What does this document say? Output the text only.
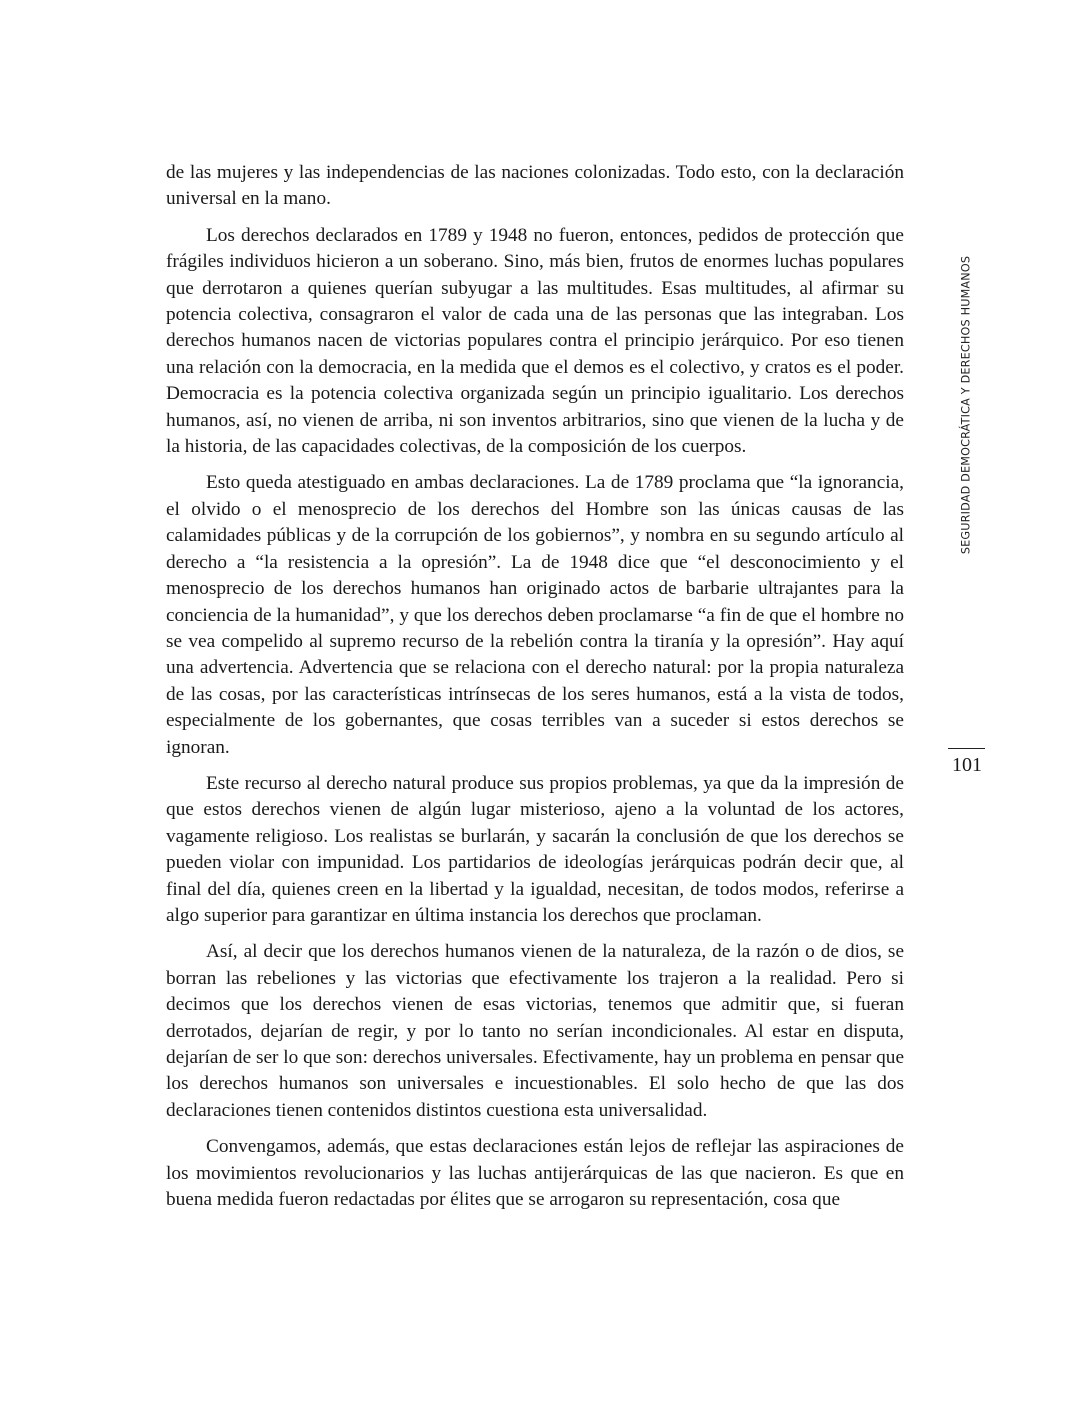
de las mujeres y las independencias de las naciones colonizadas. Todo esto, con la declaración universal en la mano.

Los derechos declarados en 1789 y 1948 no fueron, entonces, pedidos de protección que frágiles individuos hicieron a un soberano. Sino, más bien, frutos de enormes luchas populares que derrotaron a quienes querían subyugar a las multitudes. Esas multitudes, al afirmar su potencia colectiva, consagraron el valor de cada una de las personas que las integraban. Los derechos humanos nacen de victorias populares contra el principio jerárquico. Por eso tienen una relación con la democracia, en la medida que el demos es el colectivo, y cratos es el poder. Democracia es la potencia colectiva organizada según un principio igualitario. Los derechos humanos, así, no vienen de arriba, ni son inventos arbitrarios, sino que vienen de la lucha y de la historia, de las capacidades colectivas, de la composición de los cuerpos.

Esto queda atestiguado en ambas declaraciones. La de 1789 proclama que “la ignorancia, el olvido o el menosprecio de los derechos del Hombre son las únicas causas de las calamidades públicas y de la corrupción de los gobiernos”, y nombra en su segundo artículo al derecho a “la resistencia a la opresión”. La de 1948 dice que “el desconocimiento y el menosprecio de los derechos humanos han originado actos de barbarie ultrajantes para la conciencia de la humanidad”, y que los derechos deben proclamarse “a fin de que el hombre no se vea compelido al supremo recurso de la rebelión contra la tiranía y la opresión”. Hay aquí una advertencia. Advertencia que se relaciona con el derecho natural: por la propia naturaleza de las cosas, por las características intrínsecas de los seres humanos, está a la vista de todos, especialmente de los gobernantes, que cosas terribles van a suceder si estos derechos se ignoran.

Este recurso al derecho natural produce sus propios problemas, ya que da la impresión de que estos derechos vienen de algún lugar misterioso, ajeno a la voluntad de los actores, vagamente religioso. Los realistas se burlarán, y sacarán la conclusión de que los derechos se pueden violar con impunidad. Los partidarios de ideologías jerárquicas podrán decir que, al final del día, quienes creen en la libertad y la igualdad, necesitan, de todos modos, referirse a algo superior para garantizar en última instancia los derechos que proclaman.

Así, al decir que los derechos humanos vienen de la naturaleza, de la razón o de dios, se borran las rebeliones y las victorias que efectivamente los trajeron a la realidad. Pero si decimos que los derechos vienen de esas victorias, tenemos que admitir que, si fueran derrotados, dejarían de regir, y por lo tanto no serían incondicionales. Al estar en disputa, dejarían de ser lo que son: derechos universales. Efectivamente, hay un problema en pensar que los derechos humanos son universales e incuestionables. El solo hecho de que las dos declaraciones tienen contenidos distintos cuestiona esta universalidad.

Convengamos, además, que estas declaraciones están lejos de reflejar las aspiraciones de los movimientos revolucionarios y las luchas antijerárquicas de las que nacieron. Es que en buena medida fueron redactadas por élites que se arrogaron su representación, cosa que

SEGURIDAD DEMOCRÁTICA Y DERECHOS HUMANOS
101
